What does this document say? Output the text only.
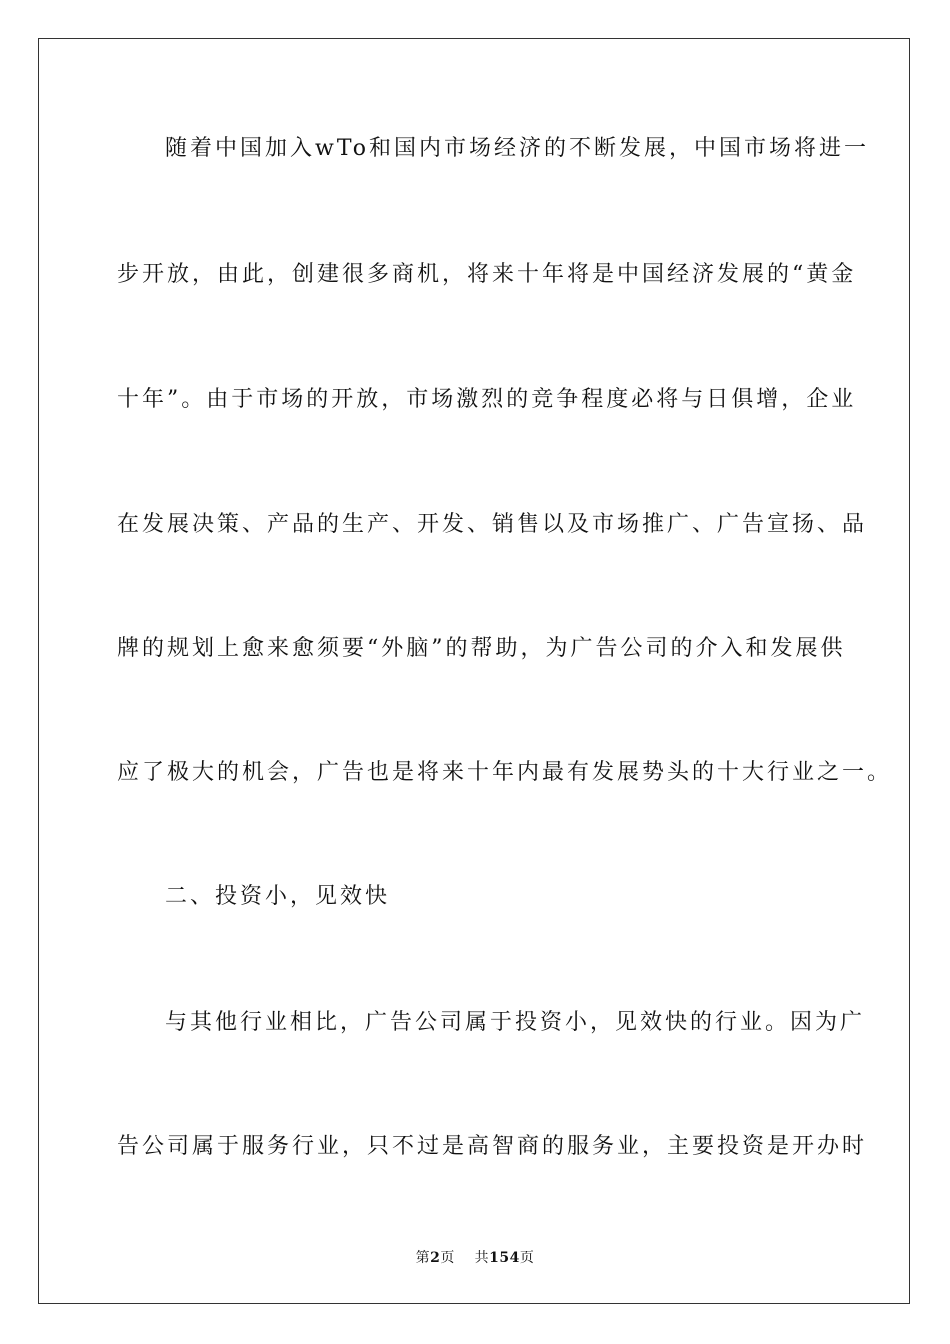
随着中国加入wTo和国内市场经济的不断发展，中国市场将进一
步开放，由此，创建很多商机，将来十年将是中国经济发展的“黄金
十年”。由于市场的开放，市场激烈的竞争程度必将与日俱增，企业
在发展决策、产品的生产、开发、销售以及市场推广、广告宣扬、品
牌的规划上愈来愈须要“外脑”的帮助，为广告公司的介入和发展供
应了极大的机会，广告也是将来十年内最有发展势头的十大行业之一。
二、投资小，见效快
与其他行业相比，广告公司属于投资小，见效快的行业。因为广
告公司属于服务行业，只不过是高智商的服务业，主要投资是开办时
第2页 共154页
